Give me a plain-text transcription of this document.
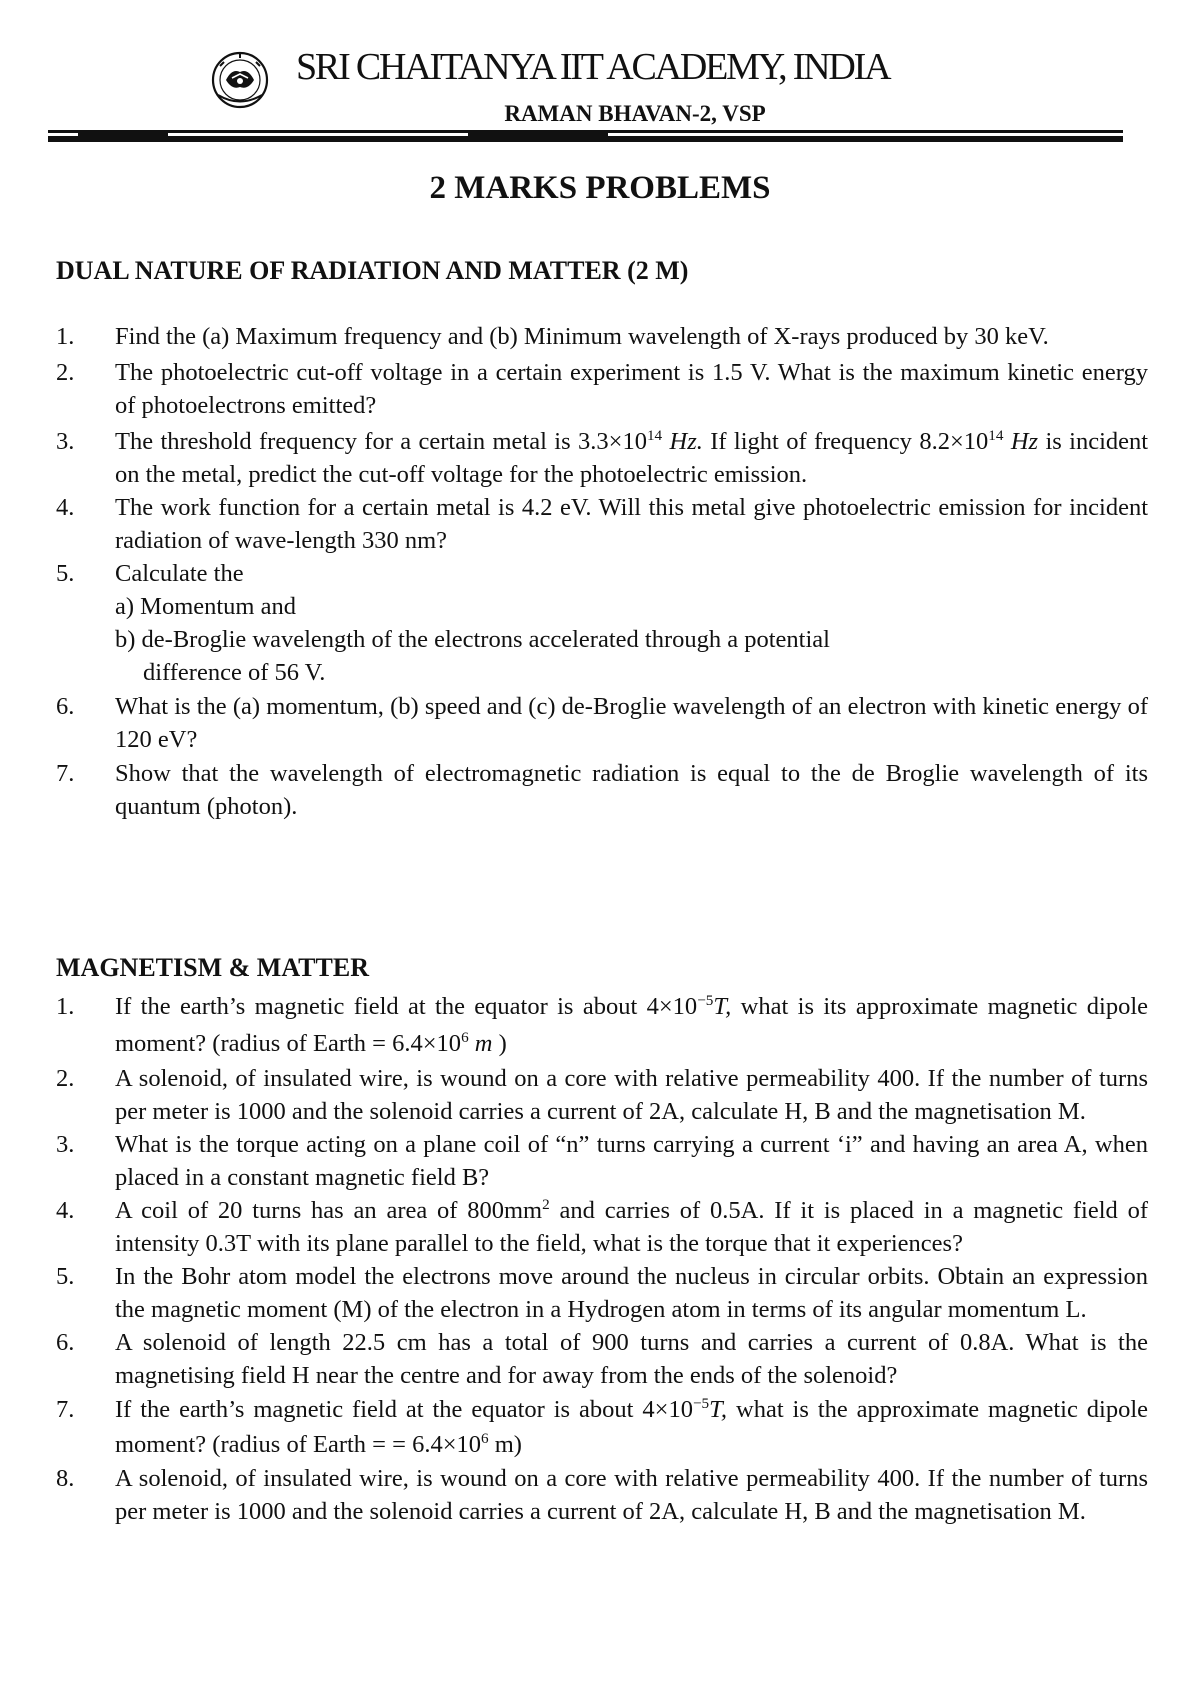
SRI CHAITANYA IIT ACADEMY, INDIA
RAMAN BHAVAN-2, VSP
2 MARKS PROBLEMS
DUAL NATURE OF RADIATION AND MATTER (2 M)
1. Find the (a) Maximum frequency and (b) Minimum wavelength of X-rays produced by 30 keV.
2. The photoelectric cut-off voltage in a certain experiment is 1.5 V. What is the maximum kinetic energy of photoelectrons emitted?
3. The threshold frequency for a certain metal is $3.3\times 10^{14}$ Hz. If light of frequency $8.2\times 10^{14}$ Hz is incident on the metal, predict the cut-off voltage for the photoelectric emission.
4. The work function for a certain metal is 4.2 eV. Will this metal give photoelectric emission for incident radiation of wave-length 330 nm?
5. Calculate the
a) Momentum and
b) de-Broglie wavelength of the electrons accelerated through a potential
difference of 56 V.
6. What is the (a) momentum, (b) speed and (c) de-Broglie wavelength of an electron with kinetic energy of 120 eV?
7. Show that the wavelength of electromagnetic radiation is equal to the de Broglie wavelength of its quantum (photon).
MAGNETISM & MATTER
1. If the earth’s magnetic field at the equator is about $4\times 10^{-5}T$, what is its approximate magnetic dipole moment? (radius of Earth = $6.4\times 10^6$ m )
2. A solenoid, of insulated wire, is wound on a core with relative permeability 400. If the number of turns per meter is 1000 and the solenoid carries a current of 2A, calculate H, B and the magnetisation M.
3. What is the torque acting on a plane coil of “n” turns carrying a current ‘i” and having an area A, when placed in a constant magnetic field B?
4. A coil of 20 turns has an area of $800mm^2$ and carries of 0.5A. If it is placed in a magnetic field of intensity 0.3T with its plane parallel to the field, what is the torque that it experiences?
5. In the Bohr atom model the electrons move around the nucleus in circular orbits. Obtain an expression the magnetic moment (M) of the electron in a Hydrogen atom in terms of its angular momentum L.
6. A solenoid of length 22.5 cm has a total of 900 turns and carries a current of 0.8A. What is the magnetising field H near the centre and for away from the ends of the solenoid?
7. If the earth’s magnetic field at the equator is about $4\times 10^{-5}T$, what is the approximate magnetic dipole moment? (radius of Earth = = $6.4\times 10^6$ m)
8. A solenoid, of insulated wire, is wound on a core with relative permeability 400. If the number of turns per meter is 1000 and the solenoid carries a current of 2A, calculate H, B and the magnetisation M.
